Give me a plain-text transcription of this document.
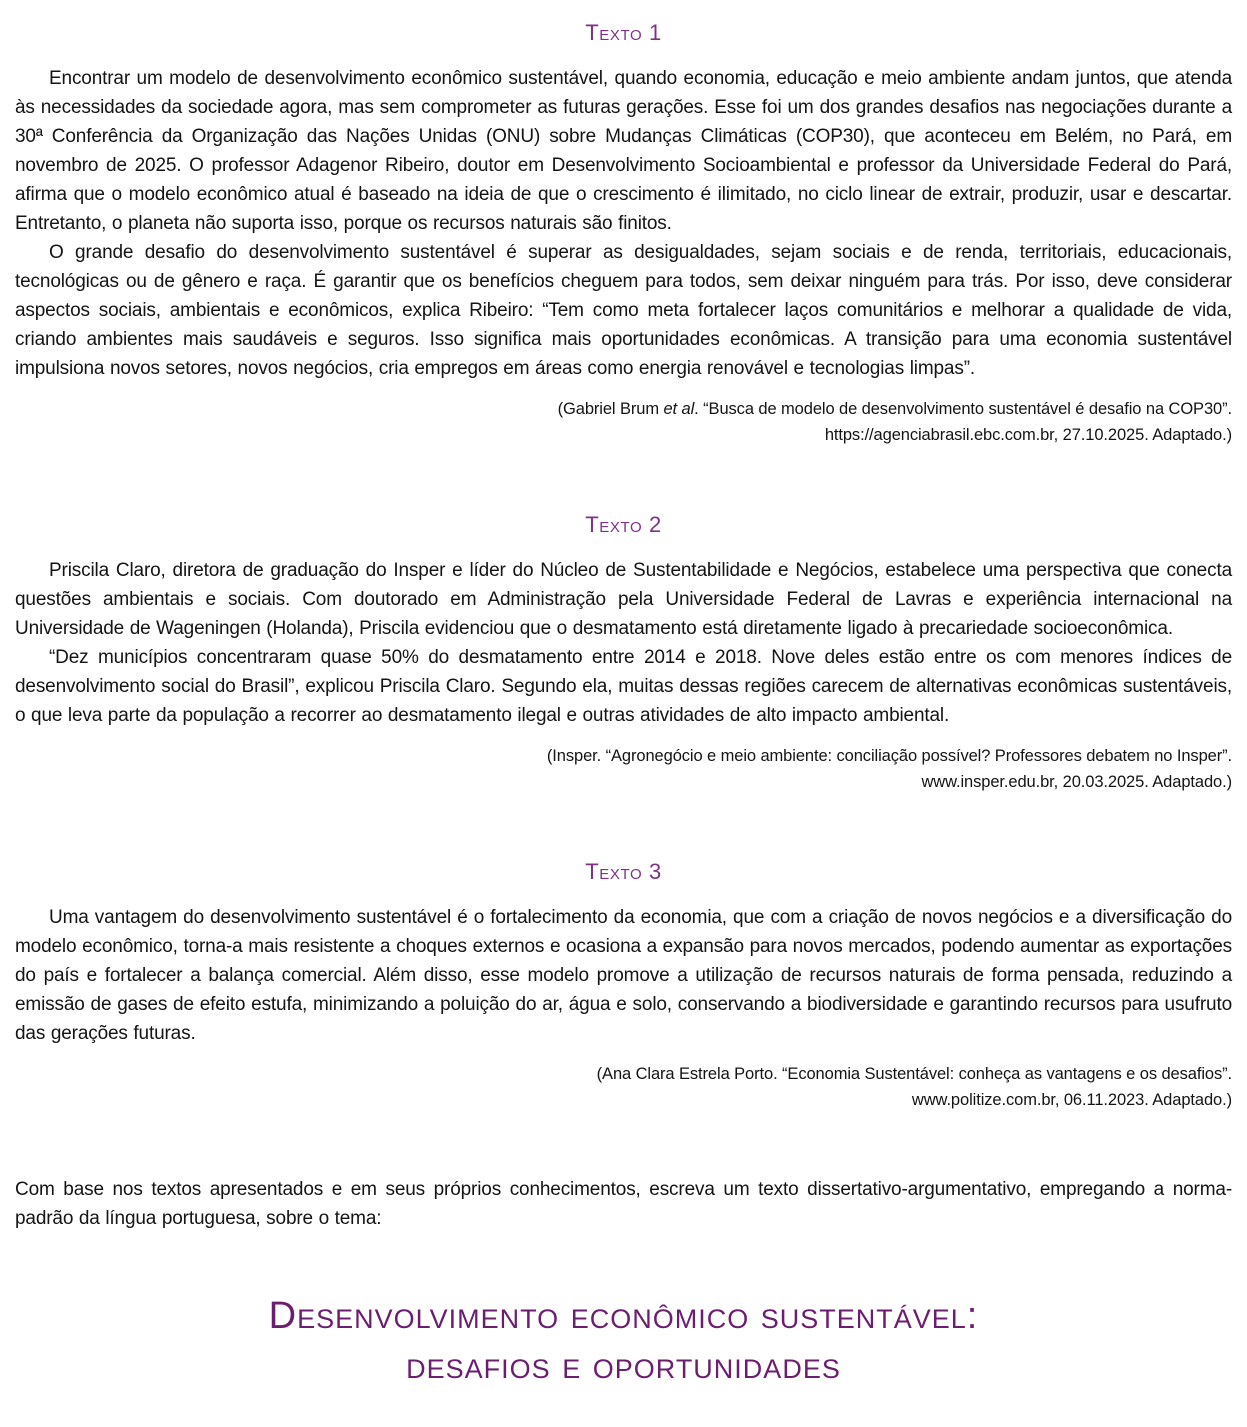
Texto 1

Encontrar um modelo de desenvolvimento econômico sustentável, quando economia, educação e meio ambiente andam juntos, que atenda às necessidades da sociedade agora, mas sem comprometer as futuras gerações. Esse foi um dos grandes desafios nas negociações durante a 30ª Conferência da Organização das Nações Unidas (ONU) sobre Mudanças Climáticas (COP30), que aconteceu em Belém, no Pará, em novembro de 2025. O professor Adagenor Ribeiro, doutor em Desenvolvimento Socioambiental e professor da Universidade Federal do Pará, afirma que o modelo econômico atual é baseado na ideia de que o crescimento é ilimitado, no ciclo linear de extrair, produzir, usar e descartar. Entretanto, o planeta não suporta isso, porque os recursos naturais são finitos.

O grande desafio do desenvolvimento sustentável é superar as desigualdades, sejam sociais e de renda, territoriais, educacionais, tecnológicas ou de gênero e raça. É garantir que os benefícios cheguem para todos, sem deixar ninguém para trás. Por isso, deve considerar aspectos sociais, ambientais e econômicos, explica Ribeiro: “Tem como meta fortalecer laços comunitários e melhorar a qualidade de vida, criando ambientes mais saudáveis e seguros. Isso significa mais oportunidades econômicas. A transição para uma economia sustentável impulsiona novos setores, novos negócios, cria empregos em áreas como energia renovável e tecnologias limpas”.

(Gabriel Brum et al. “Busca de modelo de desenvolvimento sustentável é desafio na COP30”.
https://agenciabrasil.ebc.com.br, 27.10.2025. Adaptado.)
Texto 2

Priscila Claro, diretora de graduação do Insper e líder do Núcleo de Sustentabilidade e Negócios, estabelece uma perspectiva que conecta questões ambientais e sociais. Com doutorado em Administração pela Universidade Federal de Lavras e experiência internacional na Universidade de Wageningen (Holanda), Priscila evidenciou que o desmatamento está diretamente ligado à precariedade socioeconômica.

“Dez municípios concentraram quase 50% do desmatamento entre 2014 e 2018. Nove deles estão entre os com menores índices de desenvolvimento social do Brasil”, explicou Priscila Claro. Segundo ela, muitas dessas regiões carecem de alternativas econômicas sustentáveis, o que leva parte da população a recorrer ao desmatamento ilegal e outras atividades de alto impacto ambiental.

(Insper. “Agronegócio e meio ambiente: conciliação possível? Professores debatem no Insper”.
www.insper.edu.br, 20.03.2025. Adaptado.)
Texto 3

Uma vantagem do desenvolvimento sustentável é o fortalecimento da economia, que com a criação de novos negócios e a diversificação do modelo econômico, torna-a mais resistente a choques externos e ocasiona a expansão para novos mercados, podendo aumentar as exportações do país e fortalecer a balança comercial. Além disso, esse modelo promove a utilização de recursos naturais de forma pensada, reduzindo a emissão de gases de efeito estufa, minimizando a poluição do ar, água e solo, conservando a biodiversidade e garantindo recursos para usufruto das gerações futuras.

(Ana Clara Estrela Porto. “Economia Sustentável: conheça as vantagens e os desafios”.
www.politize.com.br, 06.11.2023. Adaptado.)

Com base nos textos apresentados e em seus próprios conhecimentos, escreva um texto dissertativo-argumentativo, empregando a norma-padrão da língua portuguesa, sobre o tema:

Desenvolvimento econômico sustentável:
desafios e oportunidades
